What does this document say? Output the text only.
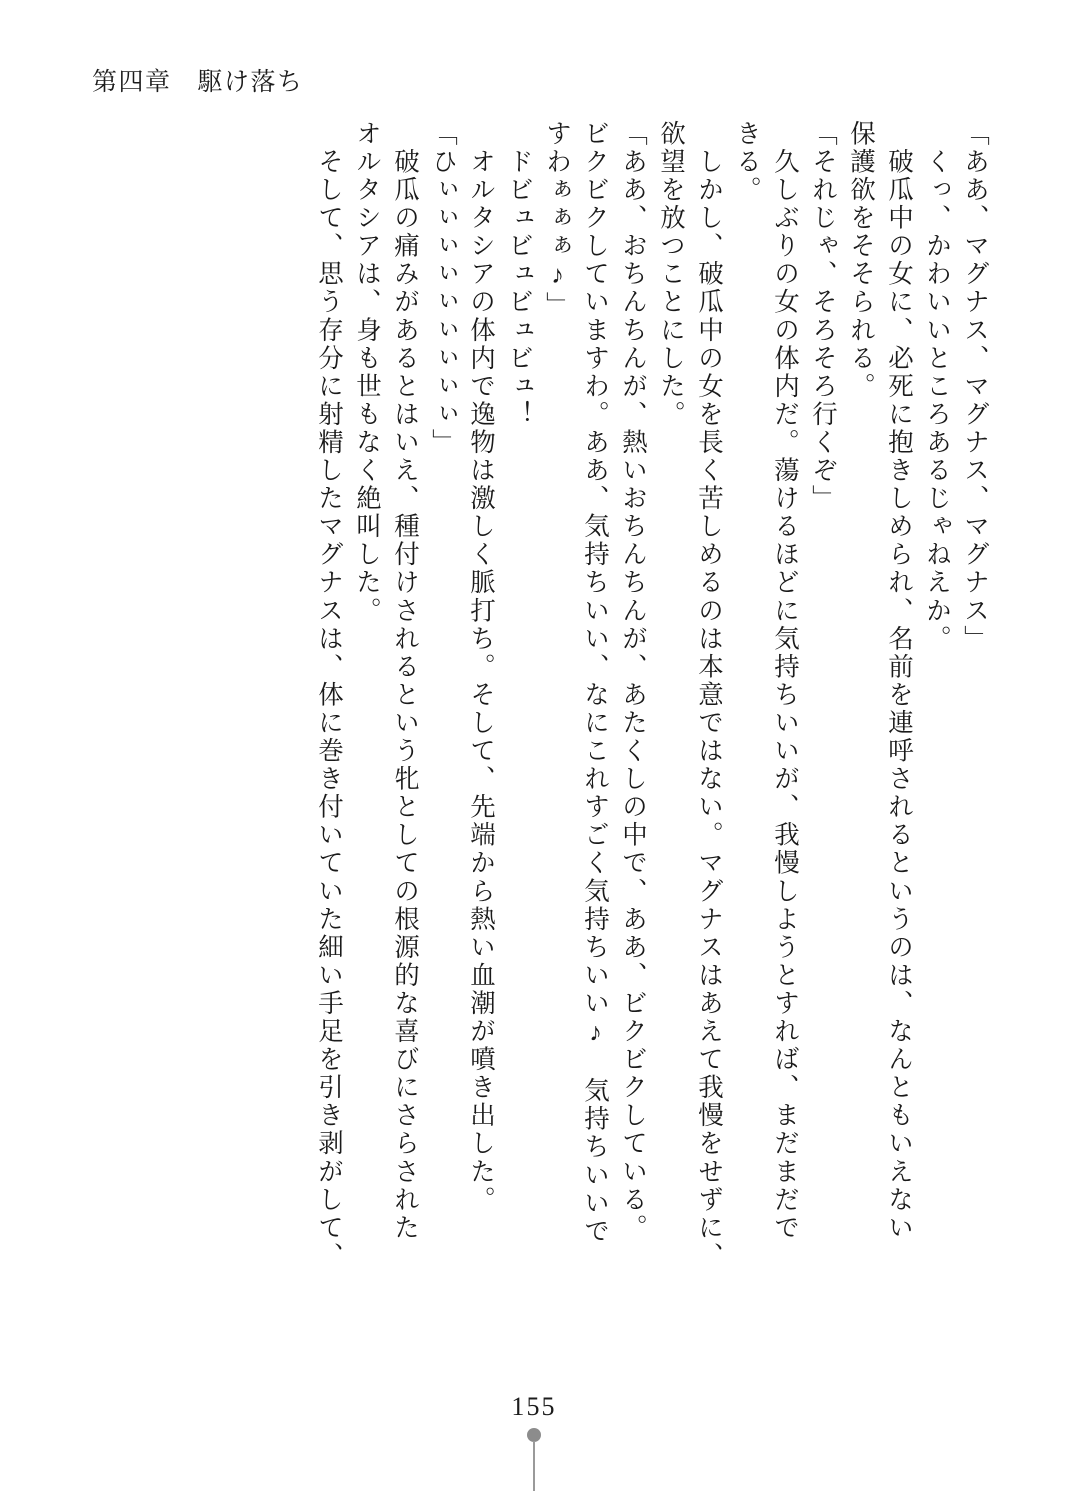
第四章 駆け落ち
「ああ、マグナス、マグナス、マグナス」
　くっ、かわいいところあるじゃねえか。
　破瓜中の女に、必死に抱きしめられ、名前を連呼されるというのは、なんともいえない
保護欲をそそられる。
「それじゃ、そろそろ行くぞ」
　久しぶりの女の体内だ。蕩けるほどに気持ちいいが、我慢しようとすれば、まだまだで
きる。
　しかし、破瓜中の女を長く苦しめるのは本意ではない。マグナスはあえて我慢をせずに、
欲望を放つことにした。
「ああ、おちんちんが、熱いおちんちんが、あたくしの中で、ああ、ビクビクしている。
ビクビクしていますわ。ああ、気持ちいい、なにこれすごく気持ちいい♪　気持ちいいで
すわぁぁぁ♪」
　ドビュビュビュビュ！
　オルタシアの体内で逸物は激しく脈打ち。そして、先端から熱い血潮が噴き出した。
「ひぃぃぃぃぃぃぃぃぃ」
　破瓜の痛みがあるとはいえ、種付けされるという牝としての根源的な喜びにさらされた
オルタシアは、身も世もなく絶叫した。
　そして、思う存分に射精したマグナスは、体に巻き付いていた細い手足を引き剥がして、
155
